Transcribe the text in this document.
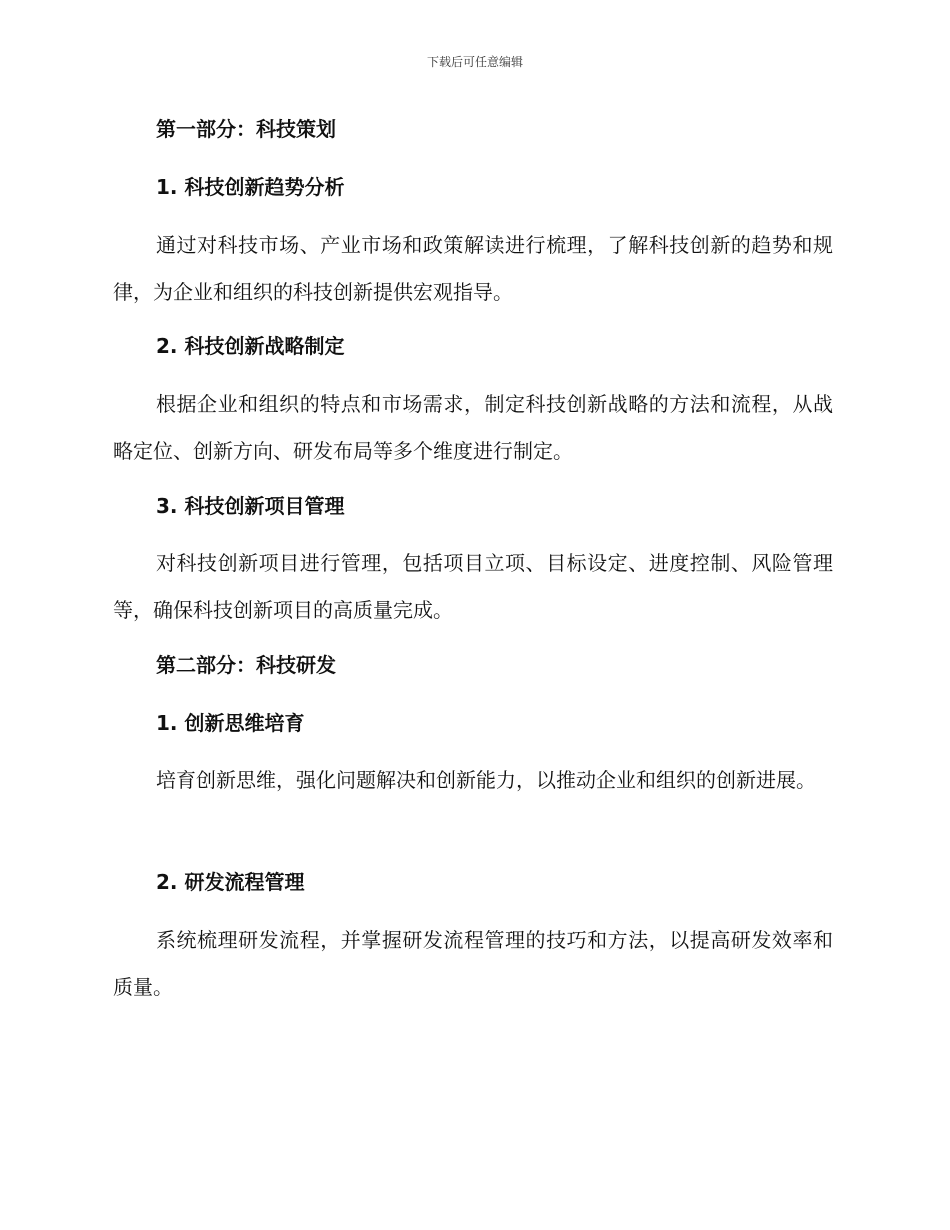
下载后可任意编辑
第一部分：科技策划
1. 科技创新趋势分析

通过对科技市场、产业市场和政策解读进行梳理，了解科技创新的趋势和规律，为企业和组织的科技创新提供宏观指导。

2. 科技创新战略制定

根据企业和组织的特点和市场需求，制定科技创新战略的方法和流程，从战略定位、创新方向、研发布局等多个维度进行制定。

3. 科技创新项目管理

对科技创新项目进行管理，包括项目立项、目标设定、进度控制、风险管理等，确保科技创新项目的高质量完成。

第二部分：科技研发
1. 创新思维培育

培育创新思维，强化问题解决和创新能力，以推动企业和组织的创新进展。

2. 研发流程管理

系统梳理研发流程，并掌握研发流程管理的技巧和方法，以提高研发效率和质量。
